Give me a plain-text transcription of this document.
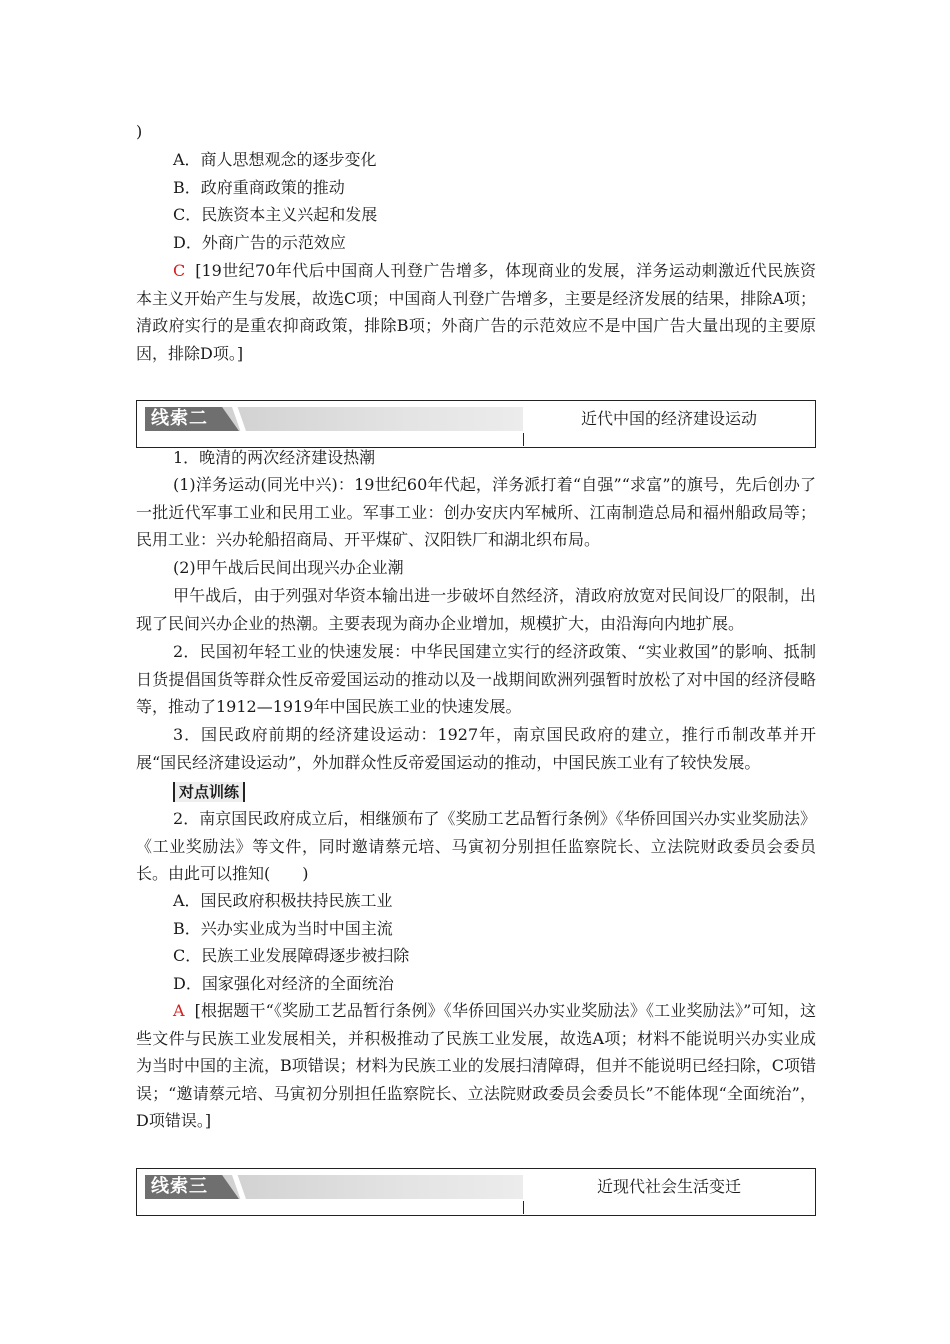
)
A．商人思想观念的逐步变化
B．政府重商政策的推动
C．民族资本主义兴起和发展
D．外商广告的示范效应
C [19世纪70年代后中国商人刊登广告增多，体现商业的发展，洋务运动刺激近代民族资本主义开始产生与发展，故选C项；中国商人刊登广告增多，主要是经济发展的结果，排除A项；清政府实行的是重农抑商政策，排除B项；外商广告的示范效应不是中国广告大量出现的主要原因，排除D项。]
线索二	近代中国的经济建设运动
1．晚清的两次经济建设热潮
(1)洋务运动(同光中兴)：19世纪60年代起，洋务派打着“自强”“求富”的旗号，先后创办了一批近代军事工业和民用工业。军事工业：创办安庆内军械所、江南制造总局和福州船政局等；民用工业：兴办轮船招商局、开平煤矿、汉阳铁厂和湖北织布局。
(2)甲午战后民间出现兴办企业潮
甲午战后，由于列强对华资本输出进一步破坏自然经济，清政府放宽对民间设厂的限制，出现了民间兴办企业的热潮。主要表现为商办企业增加，规模扩大，由沿海向内地扩展。
2．民国初年轻工业的快速发展：中华民国建立实行的经济政策、“实业救国”的影响、抵制日货提倡国货等群众性反帝爱国运动的推动以及一战期间欧洲列强暂时放松了对中国的经济侵略等，推动了1912—1919年中国民族工业的快速发展。
3．国民政府前期的经济建设运动：1927年，南京国民政府的建立，推行币制改革并开展“国民经济建设运动”，外加群众性反帝爱国运动的推动，中国民族工业有了较快发展。
对点训练
2．南京国民政府成立后，相继颁布了《奖励工艺品暂行条例》《华侨回国兴办实业奖励法》《工业奖励法》等文件，同时邀请蔡元培、马寅初分别担任监察院长、立法院财政委员会委员长。由此可以推知(　　)
A．国民政府积极扶持民族工业
B．兴办实业成为当时中国主流
C．民族工业发展障碍逐步被扫除
D．国家强化对经济的全面统治
A [根据题干“《奖励工艺品暂行条例》《华侨回国兴办实业奖励法》《工业奖励法》”可知，这些文件与民族工业发展相关，并积极推动了民族工业发展，故选A项；材料不能说明兴办实业成为当时中国的主流，B项错误；材料为民族工业的发展扫清障碍，但并不能说明已经扫除，C项错误；“邀请蔡元培、马寅初分别担任监察院长、立法院财政委员会委员长”不能体现“全面统治”，D项错误。]
线索三	近现代社会生活变迁
